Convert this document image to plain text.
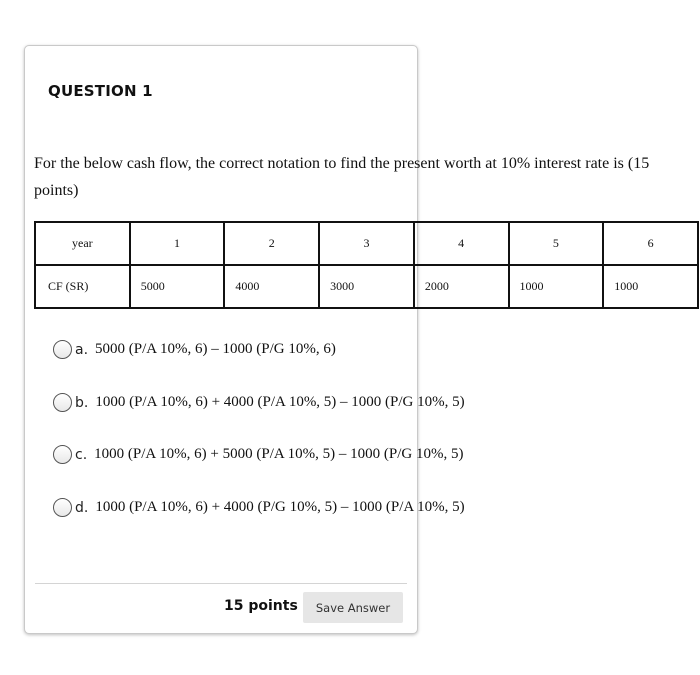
QUESTION 1
For the below cash flow, the correct notation to find the present worth at 10% interest rate is (15 points)
year	1	2	3	4	5	6
CF (SR)	5000	4000	3000	2000	1000	1000
a. 5000 (P/A 10%, 6) – 1000 (P/G 10%, 6)
b. 1000 (P/A 10%, 6) + 4000 (P/A 10%, 5) – 1000 (P/G 10%, 5)
c. 1000 (P/A 10%, 6) + 5000 (P/A 10%, 5) – 1000 (P/G 10%, 5)
d. 1000 (P/A 10%, 6) + 4000 (P/G 10%, 5) – 1000 (P/A 10%, 5)
15 points	Save Answer
